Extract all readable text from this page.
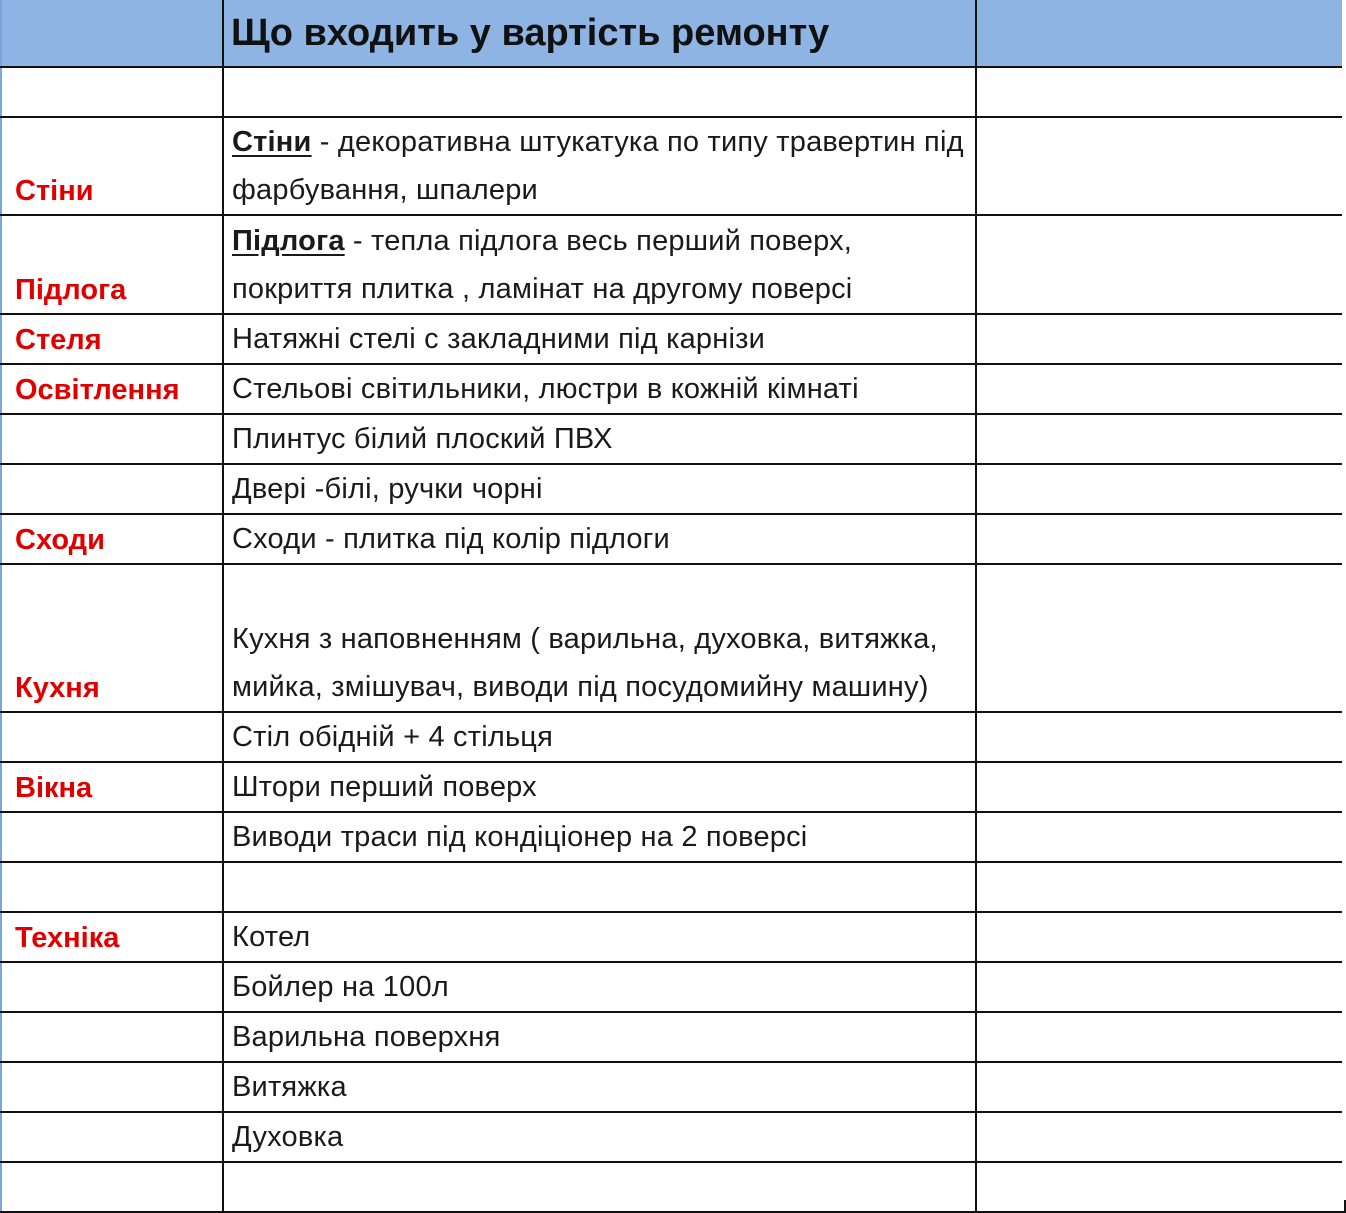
	Що входить у вартість ремонту	

Стіни	Стіни - декоративна штукатука по типу травертин під фарбування, шпалери	

Підлога	Підлога - тепла підлога весь перший поверх, покриття плитка , ламінат на другому поверсі	

Стеля	Натяжні стелі с закладними під карнізи	

Освітлення	Стельові світильники, люстри в кожній кімнаті	

	Плинтус білий плоский ПВХ	

	Двері -білі, ручки чорні	

Сходи	Сходи - плитка під колір підлоги	

Кухня	Кухня з наповненням ( варильна, духовка, витяжка, мийка, змішувач, виводи під посудомийну машину)	

	Стіл обідній + 4 стільця	

Вікна	Штори перший поверх	

	Виводи траси під кондіціонер на 2 поверсі	

Техніка	Котел	

	Бойлер на 100л	

	Варильна поверхня	

	Витяжка	

	Духовка	
